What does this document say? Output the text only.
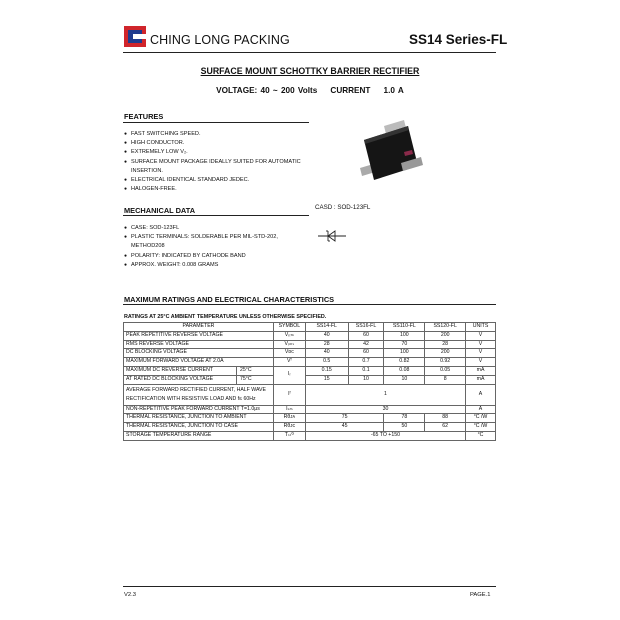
CHING LONG PACKING	SS14 Series-FL
SURFACE MOUNT SCHOTTKY BARRIER RECTIFIER
VOLTAGE: 40 ~ 200 Volts    CURRENT    1.0 A
FEATURES
● FAST SWITCHING SPEED.
● HIGH CONDUCTOR.
● EXTREMELY LOW V₂.
● SURFACE MOUNT PACKAGE IDEALLY SUITED FOR AUTOMATIC INSERTION.
● ELECTRICAL IDENTICAL STANDARD JEDEC.
● HALOGEN-FREE.
MECHANICAL DATA	CASD : SOD-123FL
● CASE: SOD-123FL
● PLASTIC TERMINALS: SOLDERABLE PER MIL-STD-202, METHOD208
● POLARITY: INDICATED BY CATHODE BAND
● APPROX. WEIGHT: 0.008 GRAMS
MAXIMUM RATINGS AND ELECTRICAL CHARACTERISTICS
RATINGS AT 25°C AMBIENT TEMPERATURE UNLESS OTHERWISE SPECIFIED.
PARAMETER	SYMBOL	SS14-FL	SS16-FL	SS110-FL	SS120-FL	UNITS
PEAK REPETITIVE REVERSE VOLTAGE	Vᵣᵣₘ	40	60	100	200	V
RMS REVERSE VOLTAGE	Vᵣₘₛ	28	42	70	28	V
DC BLOCKING VOLTAGE	Vᴅᴄ	40	60	100	200	V
MAXIMUM FORWARD VOLTAGE AT 2.0A	Vᶠ	0.5	0.7	0.82	0.92	V
MAXIMUM DC REVERSE CURRENT 25°C	Iᵣ	0.15	0.1	0.08	0.05	mA
AT RATED DC BLOCKING VOLTAGE 75°C		15	10	10	8	mA

AVERAGE FORWARD RECTIFIED CURRENT, HALF WAVE
RECTIFICATION WITH RESISTIVE LOAD AND f≤ 60Hz	Iᶠ	1				A
NON-REPETITIVE PEAK FORWARD CURRENT T=1.0μs	Iₛₘ	30				A
THERMAL RESISTANCE, JUNCTION TO AMBIENT	Rθᴊᴀ	75		78	88	°C /W
THERMAL RESISTANCE, JUNCTION TO CASE	Rθᴊᴄ	45		50	62	°C /W
STORAGE TEMPERATURE RANGE	Tₛₜᴳ	-65 TO +150				°C
V2.3	PAGE.1
